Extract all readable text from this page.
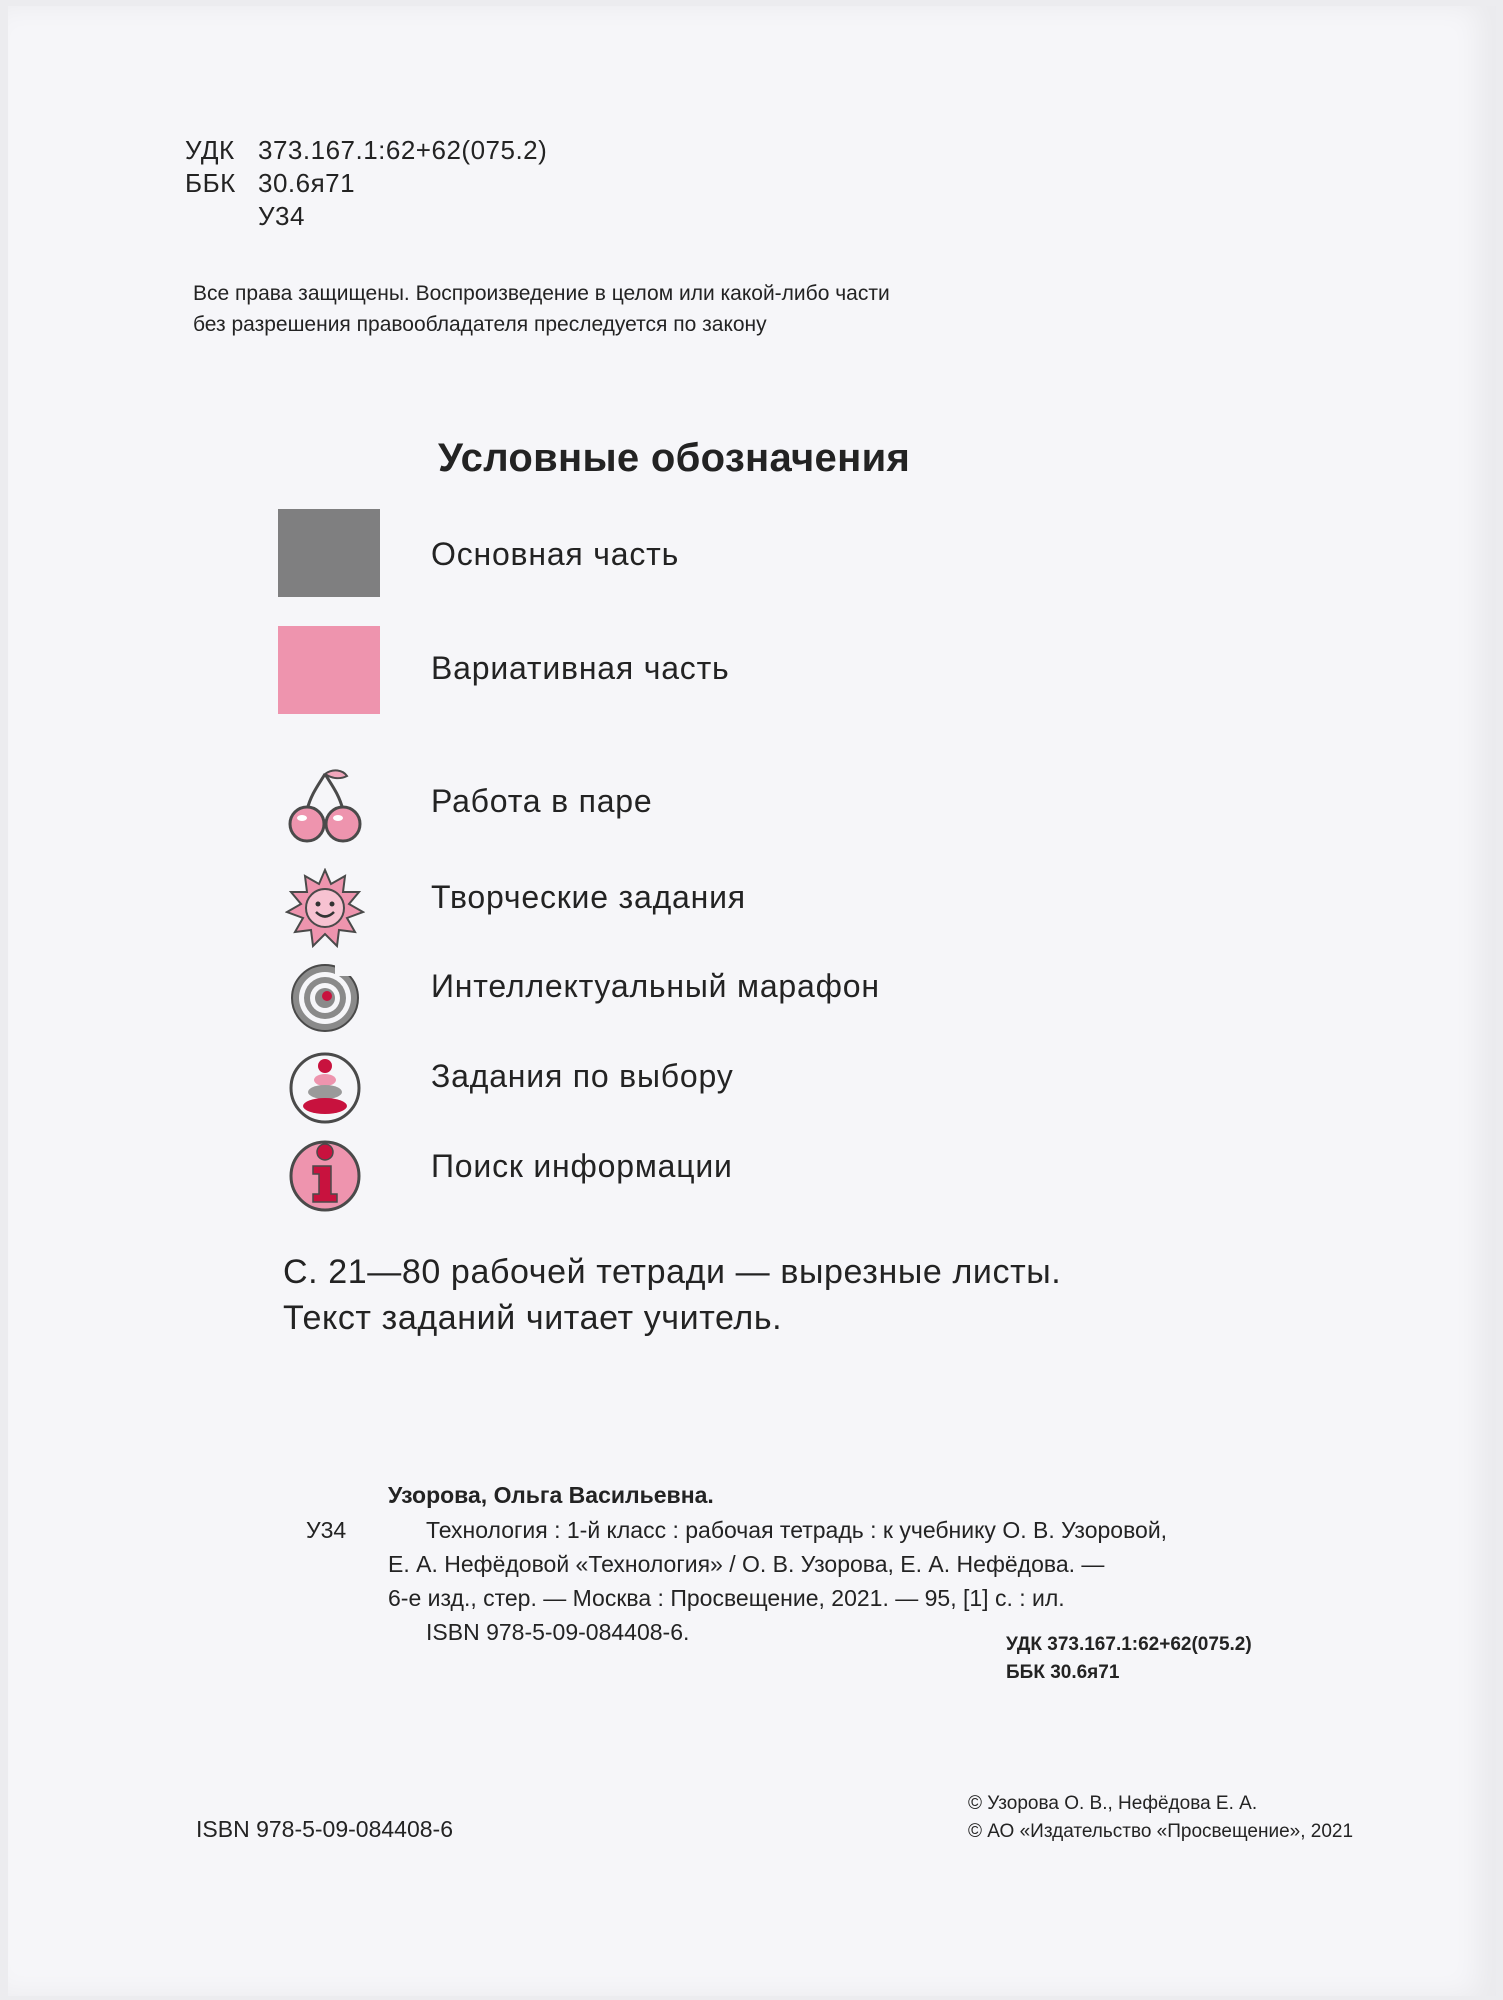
УДК 373.167.1:62+62(075.2)
ББК 30.6я71
У34
Все права защищены. Воспроизведение в целом или какой-либо части
без разрешения правообладателя преследуется по закону
Условные обозначения
Основная часть
Вариативная часть
Работа в паре
Творческие задания
Интеллектуальный марафон
Задания по выбору
Поиск информации
С. 21—80 рабочей тетради — вырезные листы.
Текст заданий читает учитель.
Узорова, Ольга Васильевна.
У34	Технология : 1-й класс : рабочая тетрадь : к учебнику О. В. Узоровой,
Е. А. Нефёдовой «Технология» / О. В. Узорова, Е. А. Нефёдова. —
6-е изд., стер. — Москва : Просвещение, 2021. — 95, [1] с. : ил.
ISBN 978-5-09-084408-6.	УДК 373.167.1:62+62(075.2)
ББК 30.6я71
ISBN 978-5-09-084408-6
© Узорова О. В., Нефёдова Е. А.
© АО «Издательство «Просвещение», 2021
